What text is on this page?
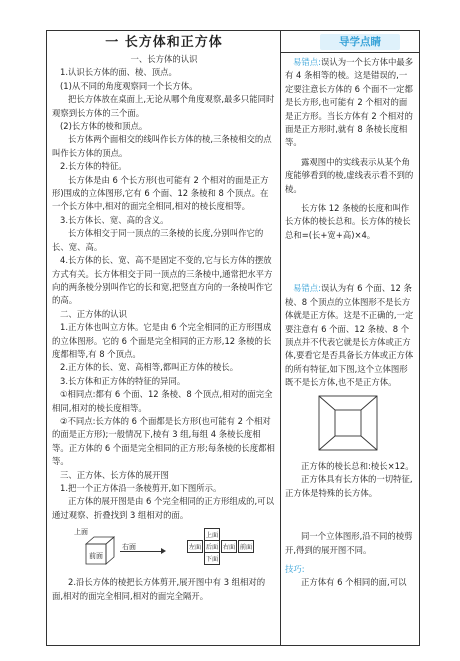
导学点睛
一 长方体和正方体

一、长方体的认识

1.认识长方体的面、棱、顶点。

(1)从不同的角度观察同一个长方体。

把长方体放在桌面上,无论从哪个角度观察,最多只能同时观察到长方体的三个面。

(2)长方体的棱和顶点。

长方体两个面相交的线叫作长方体的棱,三条棱相交的点叫作长方体的顶点。

2.长方体的特征。

长方体是由 6 个长方形(也可能有 2 个相对的面是正方形)围成的立体图形,它有 6 个面、12 条棱和 8 个顶点。在一个长方体中,相对的面完全相同,相对的棱长度相等。

3.长方体长、宽、高的含义。

长方体相交于同一顶点的三条棱的长度,分别叫作它的长、宽、高。

4.长方体的长、宽、高不是固定不变的,它与长方体的摆放方式有关。长方体相交于同一顶点的三条棱中,通常把水平方向的两条棱分别叫作它的长和宽,把竖直方向的一条棱叫作它的高。

二、正方体的认识

1.正方体也叫立方体。它是由 6 个完全相同的正方形围成的立体图形。它的 6 个面是完全相同的正方形,12 条棱的长度都相等,有 8 个顶点。

2.正方体的长、宽、高相等,都叫正方体的棱长。

3.长方体和正方体的特征的异同。

①相同点:都有 6 个面、12 条棱、8 个顶点,相对的面完全相同,相对的棱长度相等。

②不同点:长方体的 6 个面都是长方形(也可能有 2 个相对的面是正方形);一般情况下,棱有 3 组,每组 4 条棱长度相等。正方体的 6 个面是完全相同的正方形;每条棱的长度都相等。

三、正方体、长方体的展开图

1.把一个正方体沿一条棱剪开,如下图所示。

正方体的展开图是由 6 个完全相同的正方形组成的,可以通过观察、折叠找到 3 组相对的面。

上面
前面
右面
上面
左面 后面 右面 前面
下面

2.沿长方体的棱把长方体剪开,展开图中有 3 组相对的面,相对的面完全相同,相对的面完全隔开。

易错点:误认为一个长方体中最多有 4 条相等的棱。这是错误的,一定要注意长方体的 6 个面不一定都是长方形,也可能有 2 个相对的面是正方形。当长方体有 2 个相对的面是正方形时,就有 8 条棱长度相等。

露观图中的实线表示从某个角度能够看到的棱,虚线表示看不到的棱。

长方体 12 条棱的长度和叫作长方体的棱长总和。长方体的棱长总和=(长+宽+高)×4。

易错点:误认为有 6 个面、12 条棱、8 个顶点的立体图形不是长方体就是正方体。这是不正确的,一定要注意有 6 个面、12 条棱、8 个顶点并不代表它就是长方体或正方体,要看它是否具备长方体或正方体的所有特征,如下图,这个立体图形既不是长方体,也不是正方体。

正方体的棱长总和:棱长×12。

正方体具有长方体的一切特征,正方体是特殊的长方体。

同一个立体图形,沿不同的棱剪开,得到的展开图不同。

技巧:

正方体有 6 个相同的面,可以
